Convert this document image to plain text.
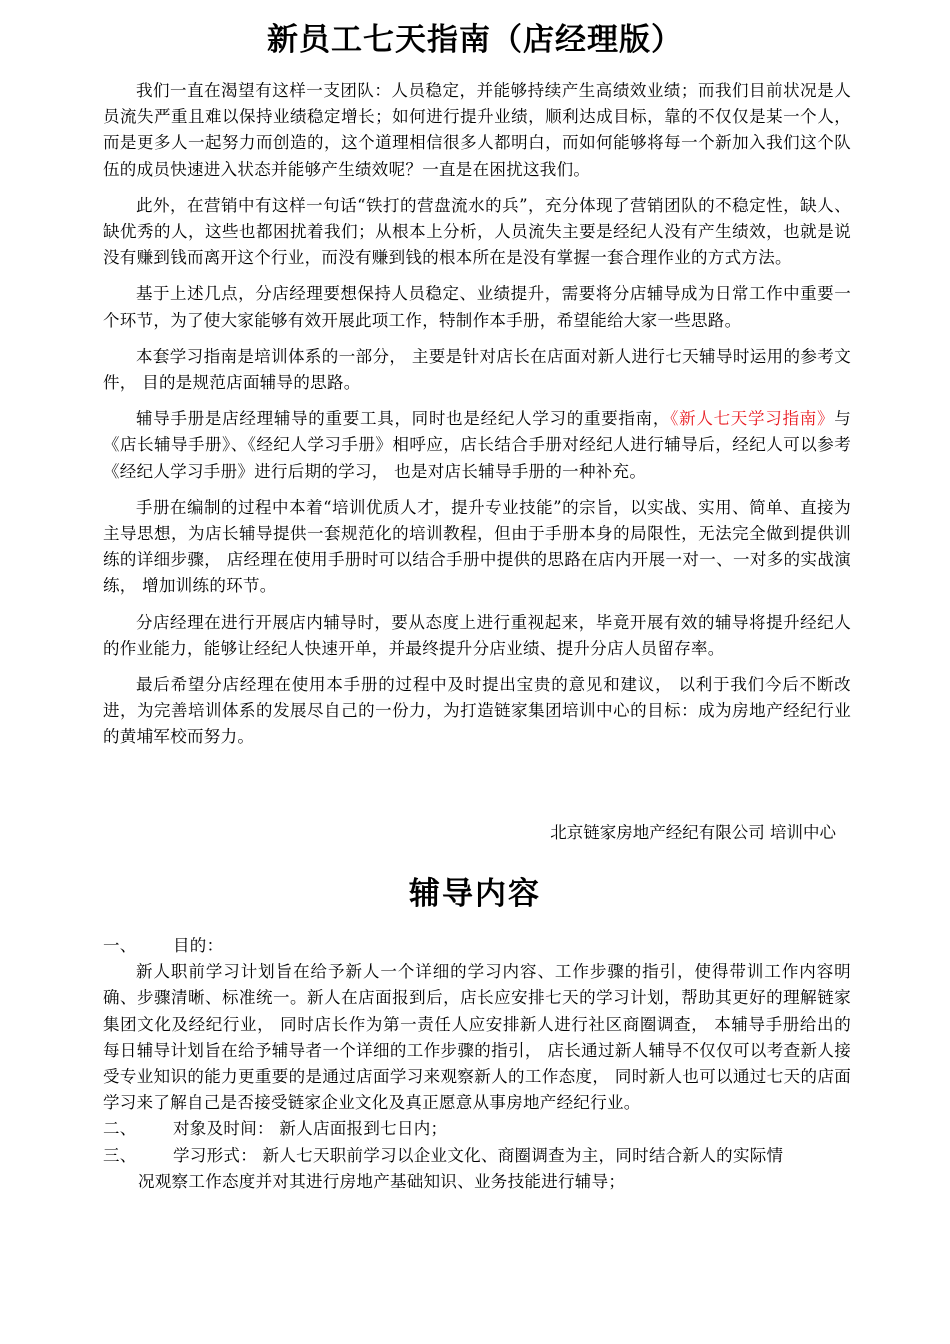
新员工七天指南（店经理版）

我们一直在渴望有这样一支团队：人员稳定，并能够持续产生高绩效业绩；而我们目前状况是人员流失严重且难以保持业绩稳定增长；如何进行提升业绩，顺利达成目标，靠的不仅仅是某一个人，而是更多人一起努力而创造的，这个道理相信很多人都明白，而如何能够将每一个新加入我们这个队伍的成员快速进入状态并能够产生绩效呢？一直是在困扰这我们。

此外，在营销中有这样一句话“铁打的营盘流水的兵”，充分体现了营销团队的不稳定性，缺人、缺优秀的人，这些也都困扰着我们；从根本上分析，人员流失主要是经纪人没有产生绩效，也就是说没有赚到钱而离开这个行业，而没有赚到钱的根本所在是没有掌握一套合理作业的方式方法。

基于上述几点，分店经理要想保持人员稳定、业绩提升，需要将分店辅导成为日常工作中重要一个环节，为了使大家能够有效开展此项工作，特制作本手册，希望能给大家一些思路。

本套学习指南是培训体系的一部分， 主要是针对店长在店面对新人进行七天辅导时运用的参考文件， 目的是规范店面辅导的思路。

辅导手册是店经理辅导的重要工具，同时也是经纪人学习的重要指南，《新人七天学习指南》与《店长辅导手册》、《经纪人学习手册》相呼应，店长结合手册对经纪人进行辅导后，经纪人可以参考《经纪人学习手册》进行后期的学习， 也是对店长辅导手册的一种补充。

手册在编制的过程中本着“培训优质人才，提升专业技能”的宗旨，以实战、实用、简单、直接为主导思想，为店长辅导提供一套规范化的培训教程，但由于手册本身的局限性，无法完全做到提供训练的详细步骤， 店经理在使用手册时可以结合手册中提供的思路在店内开展一对一、一对多的实战演练， 增加训练的环节。

分店经理在进行开展店内辅导时，要从态度上进行重视起来，毕竟开展有效的辅导将提升经纪人的作业能力，能够让经纪人快速开单，并最终提升分店业绩、提升分店人员留存率。

最后希望分店经理在使用本手册的过程中及时提出宝贵的意见和建议， 以利于我们今后不断改进，为完善培训体系的发展尽自己的一份力，为打造链家集团培训中心的目标：成为房地产经纪行业的黄埔军校而努力。

北京链家房地产经纪有限公司 培训中心
辅导内容
一、	目的：

新人职前学习计划旨在给予新人一个详细的学习内容、工作步骤的指引，使得带训工作内容明确、步骤清晰、标准统一。新人在店面报到后，店长应安排七天的学习计划，帮助其更好的理解链家集团文化及经纪行业， 同时店长作为第一责任人应安排新人进行社区商圈调查， 本辅导手册给出的每日辅导计划旨在给予辅导者一个详细的工作步骤的指引， 店长通过新人辅导不仅仅可以考查新人接受专业知识的能力更重要的是通过店面学习来观察新人的工作态度， 同时新人也可以通过七天的店面学习来了解自己是否接受链家企业文化及真正愿意从事房地产经纪行业。

二、	对象及时间： 新人店面报到七日内；
三、	学习形式： 新人七天职前学习以企业文化、商圈调查为主，同时结合新人的实际情

况观察工作态度并对其进行房地产基础知识、业务技能进行辅导；
